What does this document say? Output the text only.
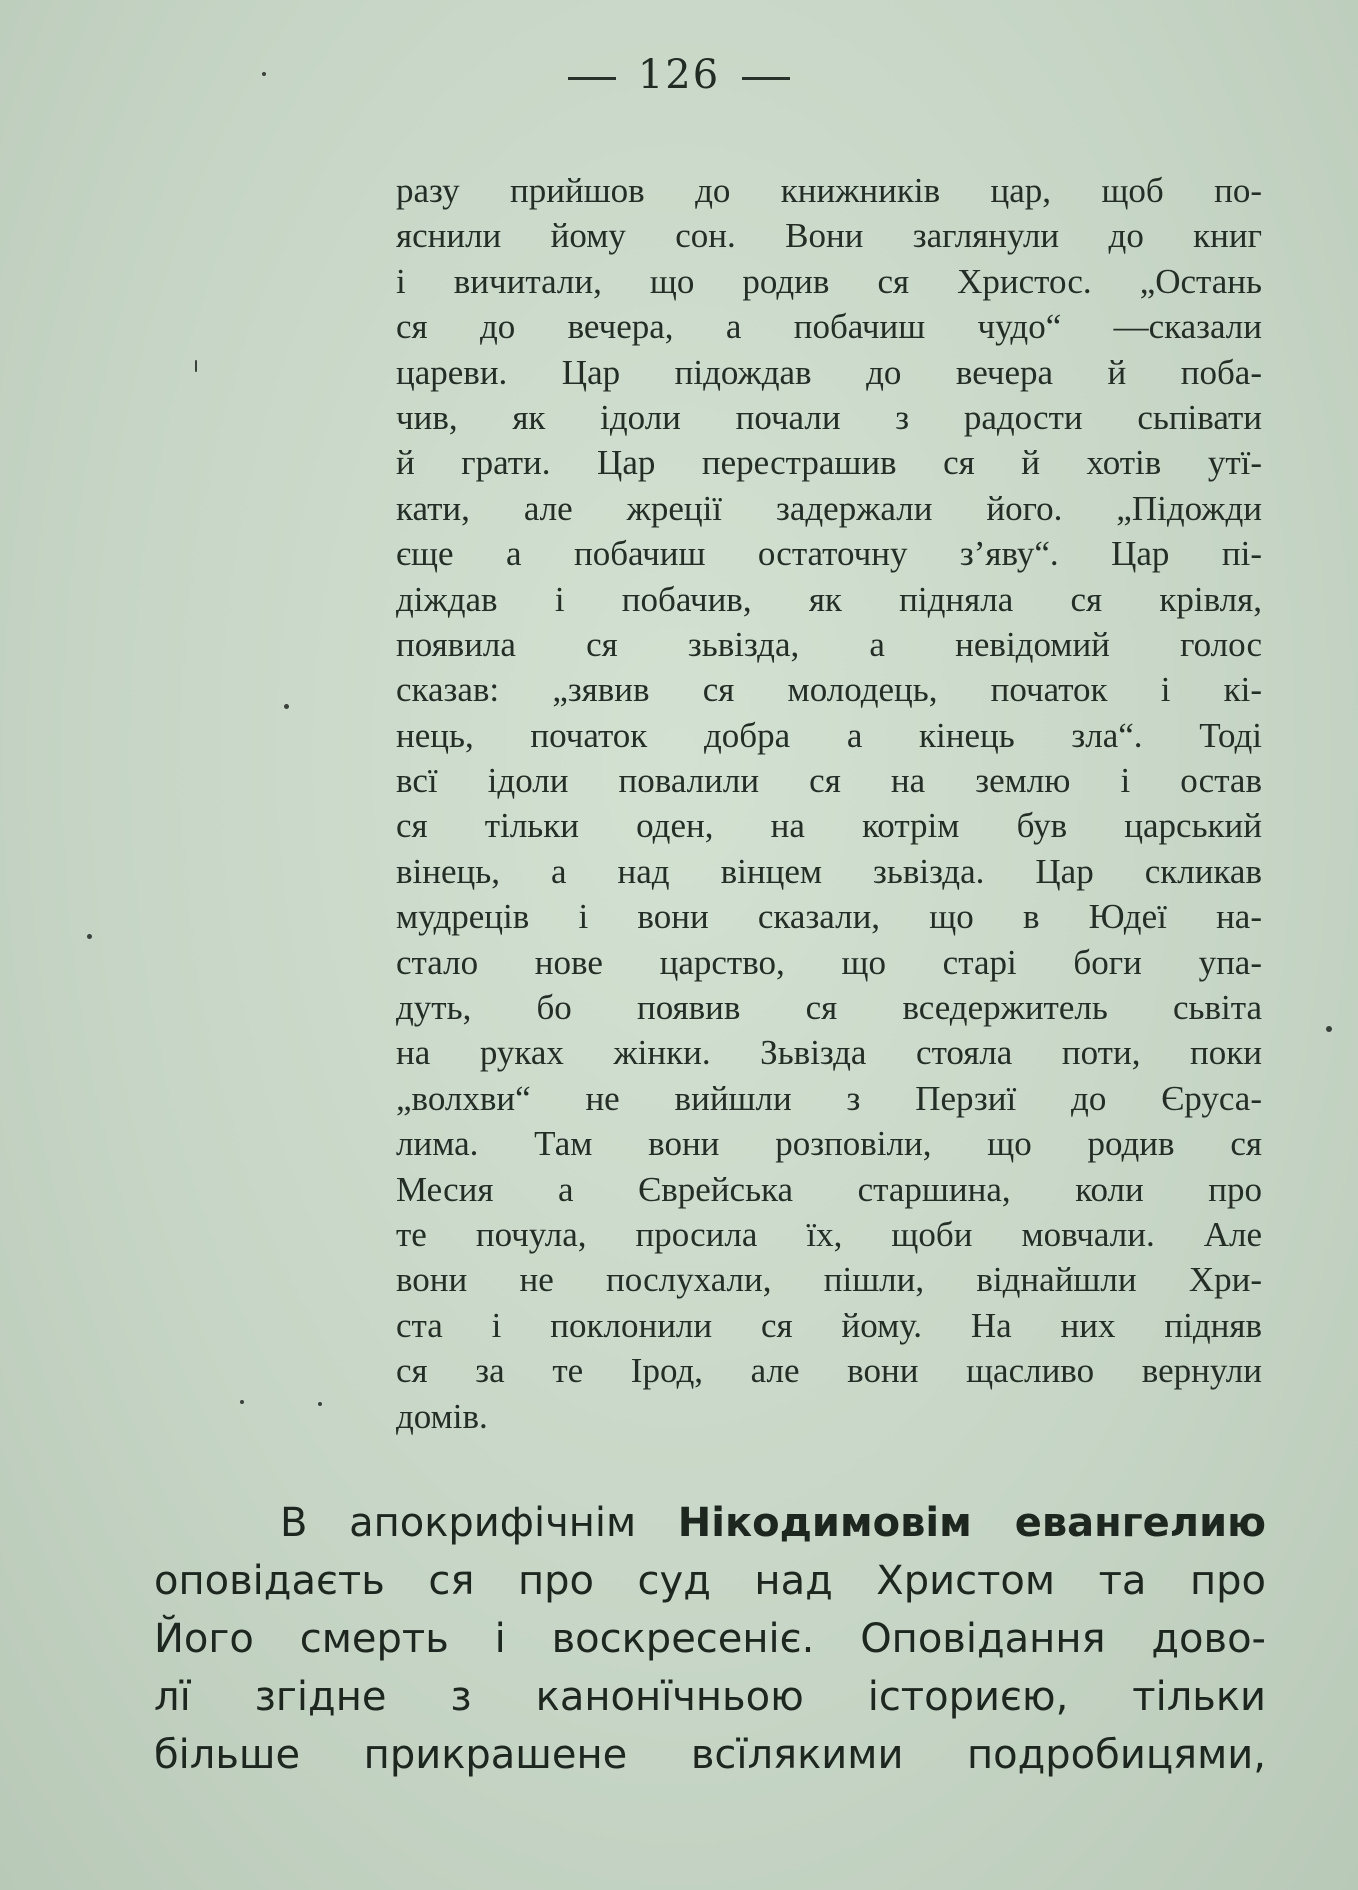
126
разу прийшов до книжників цар, щоб по-
яснили йому сон. Вони заглянули до книг
і вичитали, що родив ся Христос. „Остань
ся до вечера, а побачиш чудо“ —сказали
цареви. Цар підождав до вечера й поба-
чив, як ідоли почали з радости сьпівати
й грати. Цар перестрашив ся й хотів утї-
кати, але жреції задержали його. „Підожди
єще а побачиш остаточну з’яву“. Цар пі-
діждав і побачив, як підняла ся крівля,
появила ся зьвізда, а невідомий голос
сказав: „зявив ся молодець, початок і кі-
нець, початок добра а кінець зла“. Тоді
всї ідоли повалили ся на землю і остав
ся тільки оден, на котрім був царський
вінець, а над вінцем зьвізда. Цар скликав
мудреців і вони сказали, що в Юдеї на-
стало нове царство, що старі боги упа-
дуть, бо появив ся вседержитель сьвіта
на руках жінки. Зьвізда стояла поти, поки
„волхви“ не вийшли з Перзиї до Єруса-
лима. Там вони розповіли, що родив ся
Месия а Єврейська старшина, коли про
те почула, просила їх, щоби мовчали. Але
вони не послухали, пішли, віднайшли Хри-
ста і поклонили ся йому. На них підняв
ся за те Ірод, але вони щасливо вернули
домів.
В апокрифічнім Нікодимовім евангелию
оповідаєть ся про суд над Христом та про
Його смерть і воскресеніє. Оповідання дово-
лї згідне з канонїчньою істориєю, тільки
більше прикрашене всїлякими подробицями,
